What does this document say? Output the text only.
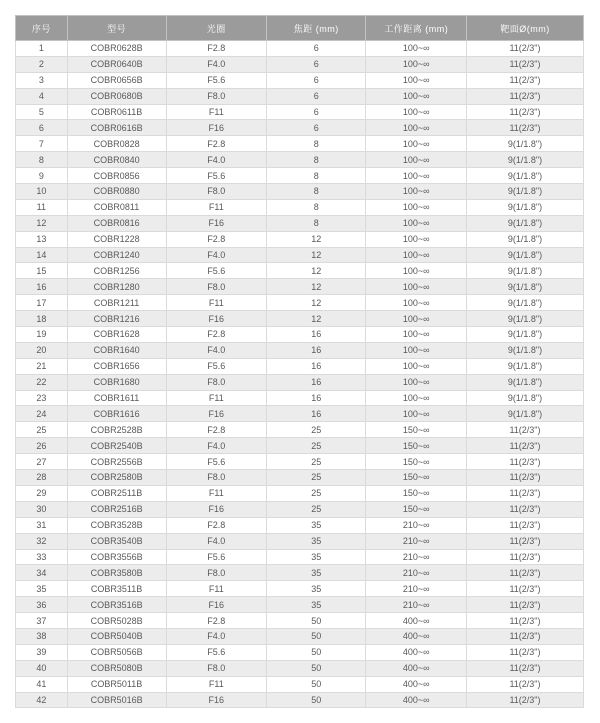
序号	型号	光圈	焦距 (mm)	工作距离 (mm)	靶面Ø(mm)
1	COBR0628B	F2.8	6	100~∞	11(2/3")
2	COBR0640B	F4.0	6	100~∞	11(2/3")
3	COBR0656B	F5.6	6	100~∞	11(2/3")
4	COBR0680B	F8.0	6	100~∞	11(2/3")
5	COBR0611B	F11	6	100~∞	11(2/3")
6	COBR0616B	F16	6	100~∞	11(2/3")
7	COBR0828	F2.8	8	100~∞	9(1/1.8")
8	COBR0840	F4.0	8	100~∞	9(1/1.8")
9	COBR0856	F5.6	8	100~∞	9(1/1.8")
10	COBR0880	F8.0	8	100~∞	9(1/1.8")
11	COBR0811	F11	8	100~∞	9(1/1.8")
12	COBR0816	F16	8	100~∞	9(1/1.8")
13	COBR1228	F2.8	12	100~∞	9(1/1.8")
14	COBR1240	F4.0	12	100~∞	9(1/1.8")
15	COBR1256	F5.6	12	100~∞	9(1/1.8")
16	COBR1280	F8.0	12	100~∞	9(1/1.8")
17	COBR1211	F11	12	100~∞	9(1/1.8")
18	COBR1216	F16	12	100~∞	9(1/1.8")
19	COBR1628	F2.8	16	100~∞	9(1/1.8")
20	COBR1640	F4.0	16	100~∞	9(1/1.8")
21	COBR1656	F5.6	16	100~∞	9(1/1.8")
22	COBR1680	F8.0	16	100~∞	9(1/1.8")
23	COBR1611	F11	16	100~∞	9(1/1.8")
24	COBR1616	F16	16	100~∞	9(1/1.8")
25	COBR2528B	F2.8	25	150~∞	11(2/3")
26	COBR2540B	F4.0	25	150~∞	11(2/3")
27	COBR2556B	F5.6	25	150~∞	11(2/3")
28	COBR2580B	F8.0	25	150~∞	11(2/3")
29	COBR2511B	F11	25	150~∞	11(2/3")
30	COBR2516B	F16	25	150~∞	11(2/3")
31	COBR3528B	F2.8	35	210~∞	11(2/3")
32	COBR3540B	F4.0	35	210~∞	11(2/3")
33	COBR3556B	F5.6	35	210~∞	11(2/3")
34	COBR3580B	F8.0	35	210~∞	11(2/3")
35	COBR3511B	F11	35	210~∞	11(2/3")
36	COBR3516B	F16	35	210~∞	11(2/3")
37	COBR5028B	F2.8	50	400~∞	11(2/3")
38	COBR5040B	F4.0	50	400~∞	11(2/3")
39	COBR5056B	F5.6	50	400~∞	11(2/3")
40	COBR5080B	F8.0	50	400~∞	11(2/3")
41	COBR5011B	F11	50	400~∞	11(2/3")
42	COBR5016B	F16	50	400~∞	11(2/3")
